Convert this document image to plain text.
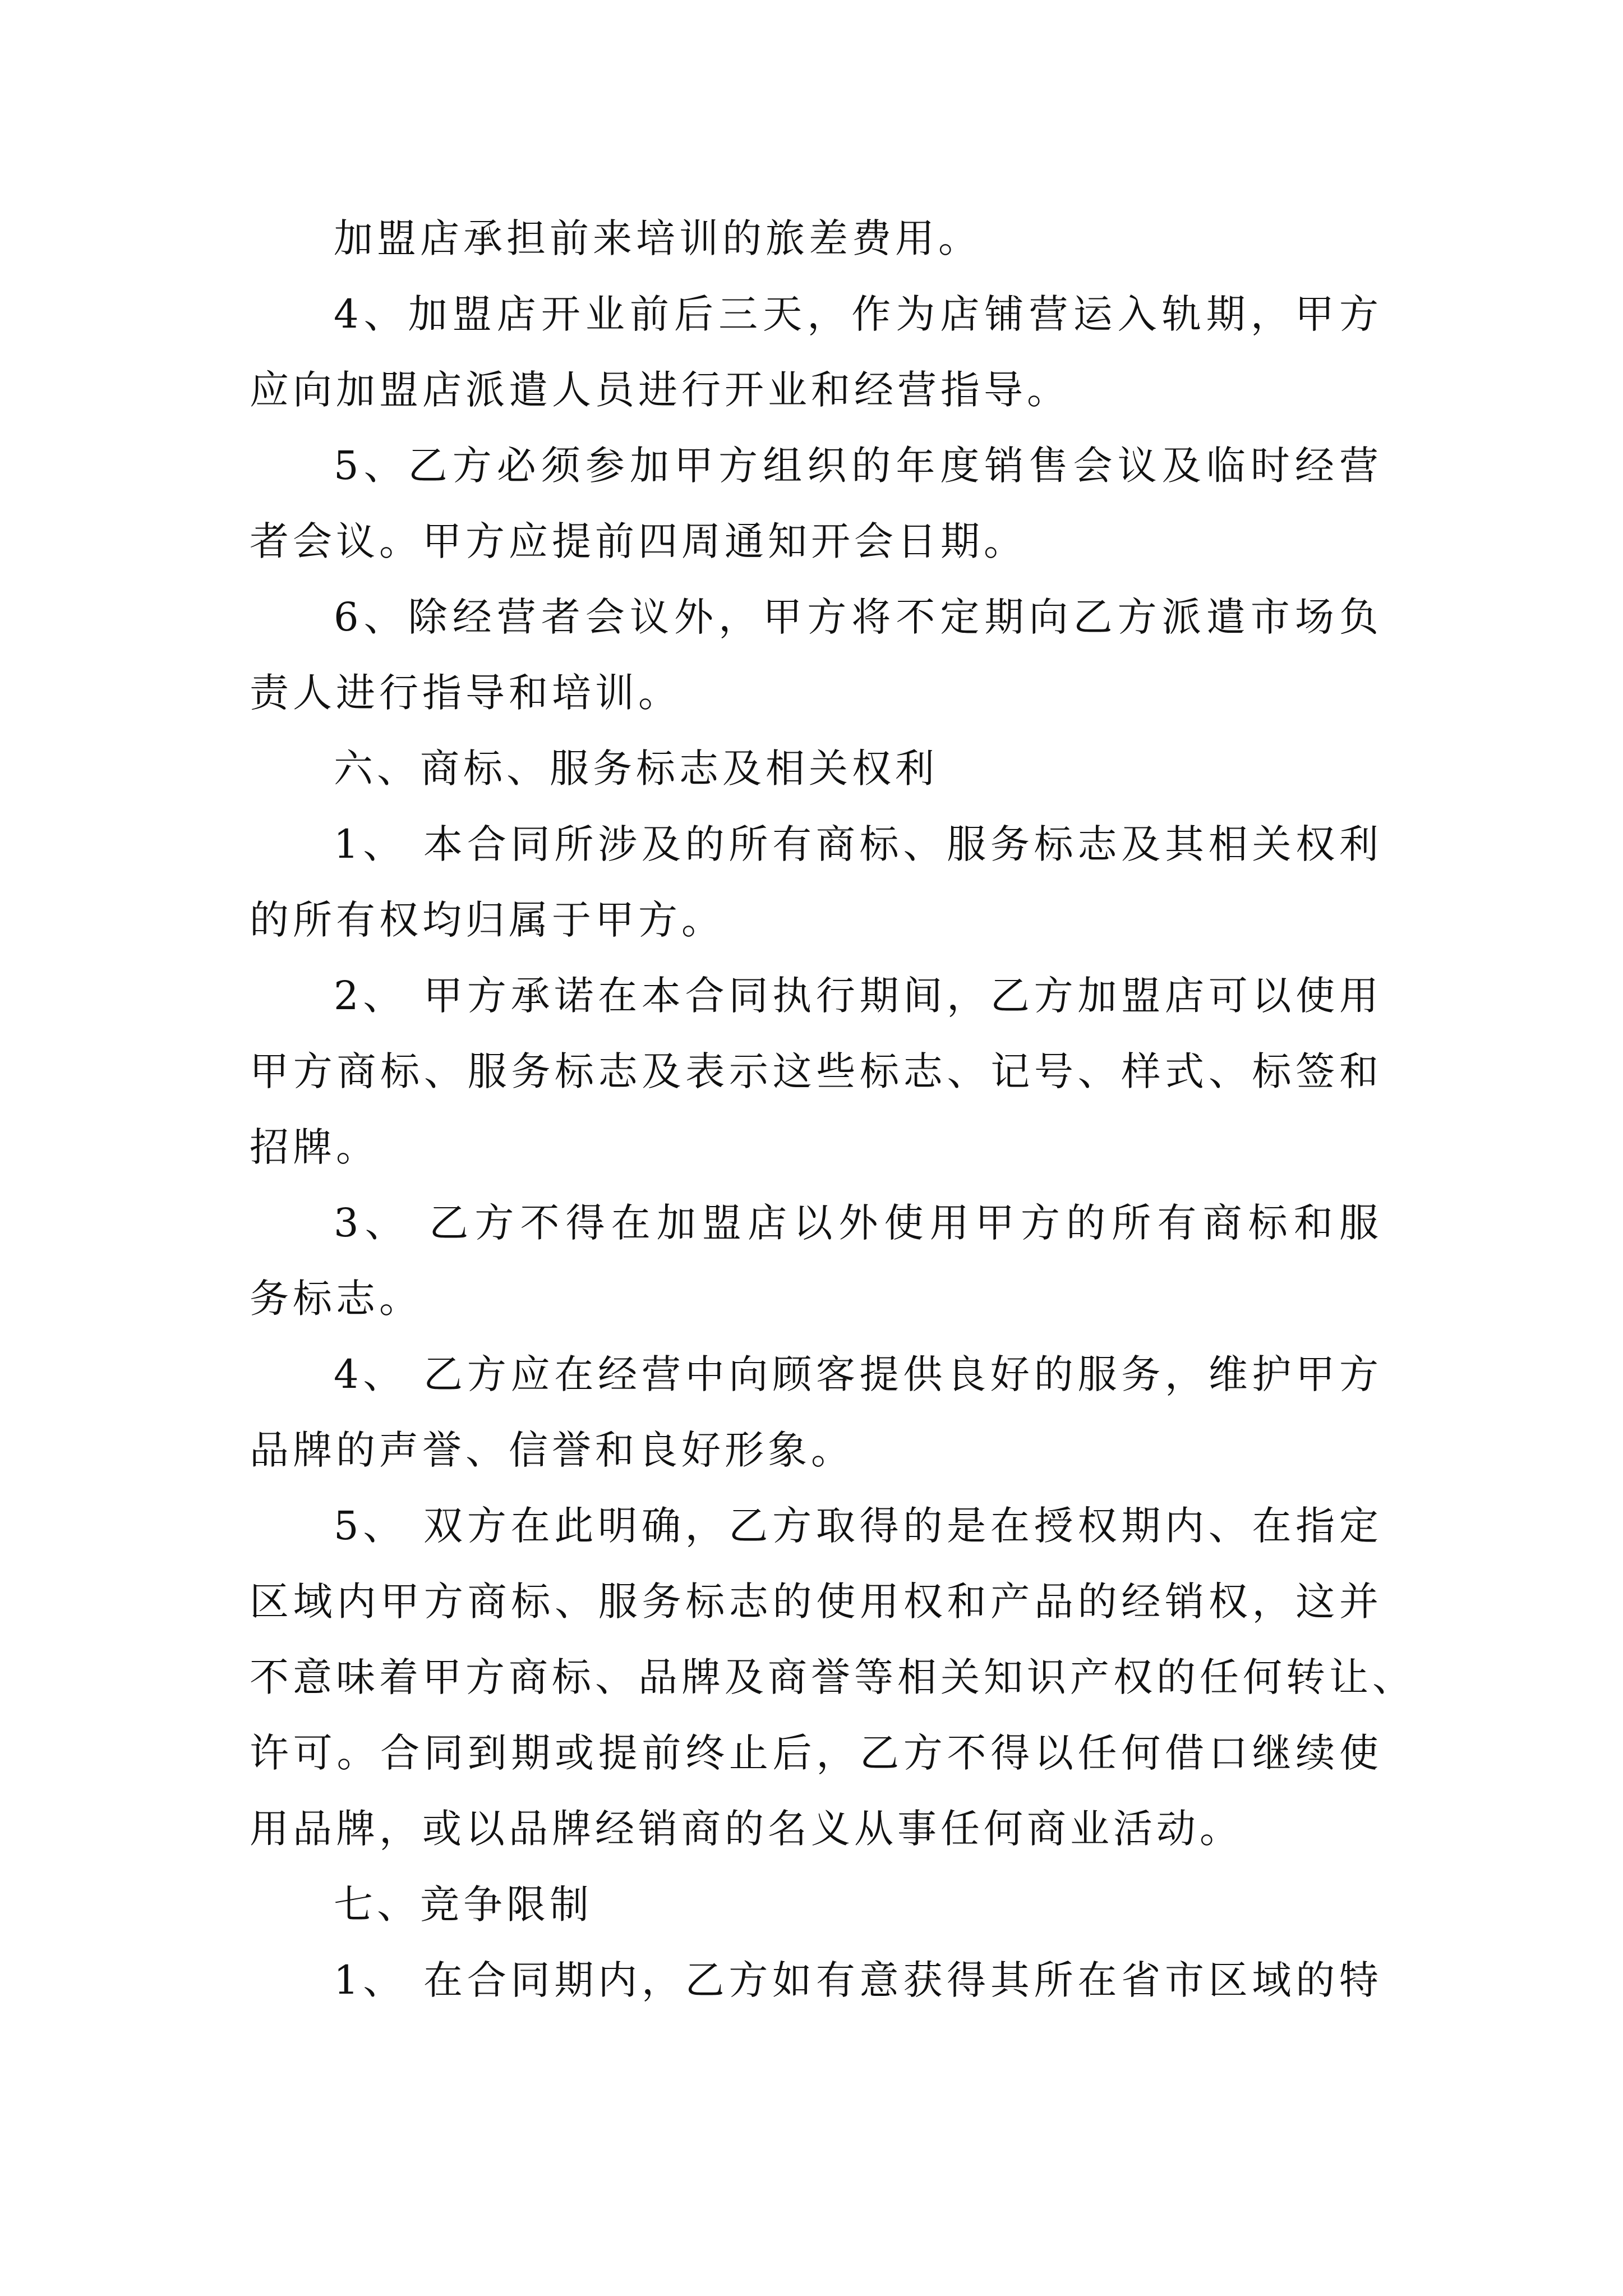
加盟店承担前来培训的旅差费用。
4、加盟店开业前后三天，作为店铺营运入轨期，甲方
应向加盟店派遣人员进行开业和经营指导。
5、乙方必须参加甲方组织的年度销售会议及临时经营
者会议。甲方应提前四周通知开会日期。
6、除经营者会议外，甲方将不定期向乙方派遣市场负
责人进行指导和培训。
六、商标、服务标志及相关权利
1、 本合同所涉及的所有商标、服务标志及其相关权利
的所有权均归属于甲方。
2、 甲方承诺在本合同执行期间，乙方加盟店可以使用
甲方商标、服务标志及表示这些标志、记号、样式、标签和
招牌。
3、 乙方不得在加盟店以外使用甲方的所有商标和服
务标志。
4、 乙方应在经营中向顾客提供良好的服务，维护甲方
品牌的声誉、信誉和良好形象。
5、 双方在此明确，乙方取得的是在授权期内、在指定
区域内甲方商标、服务标志的使用权和产品的经销权，这并
不意味着甲方商标、品牌及商誉等相关知识产权的任何转让、
许可。合同到期或提前终止后，乙方不得以任何借口继续使
用品牌，或以品牌经销商的名义从事任何商业活动。
七、竞争限制
1、 在合同期内，乙方如有意获得其所在省市区域的特
